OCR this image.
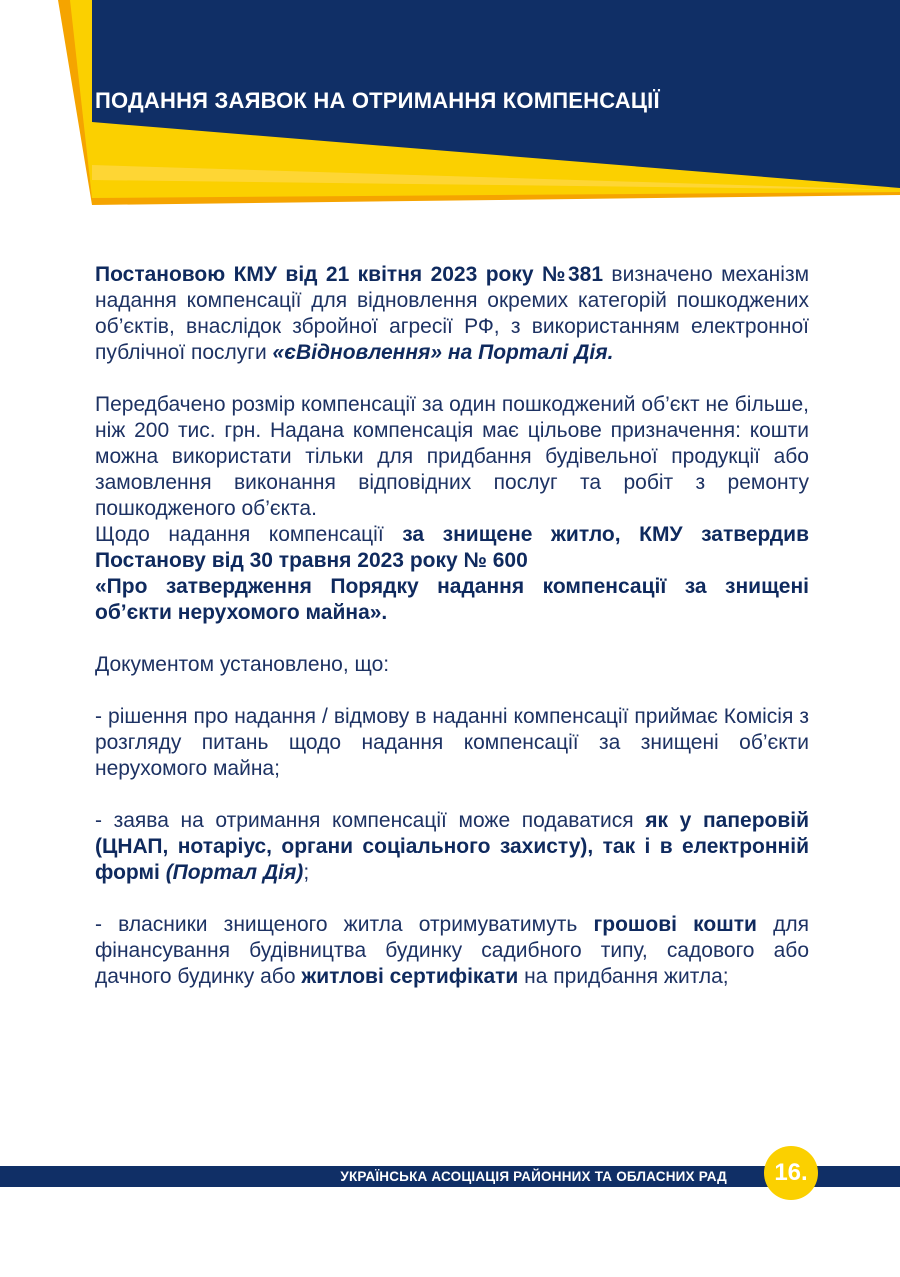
ПОДАННЯ ЗАЯВОК НА ОТРИМАННЯ КОМПЕНСАЦІЇ

Постановою КМУ від 21 квітня 2023 року №381 визначено механізм надання компенсації для відновлення окремих категорій пошкоджених об’єктів, внаслідок збройної агресії РФ, з використанням електронної публічної послуги «єВідновлення» на Порталі Дія.

Передбачено розмір компенсації за один пошкоджений об’єкт не більше, ніж 200 тис. грн. Надана компенсація має цільове призначення: кошти можна використати тільки для придбання будівельної продукції або замовлення виконання відповідних послуг та робіт з ремонту пошкодженого об’єкта.

Щодо надання компенсації за знищене житло, КМУ затвердив Постанову від 30 травня 2023 року № 600
«Про затвердження Порядку надання компенсації за знищені об’єкти нерухомого майна».

Документом установлено, що:

- рішення про надання / відмову в наданні компенсації приймає Комісія з розгляду питань щодо надання компенсації за знищені об’єкти нерухомого майна;

- заява на отримання компенсації може подаватися як у паперовій (ЦНАП, нотаріус, органи соціального захисту), так і в електронній формі (Портал Дія);

- власники знищеного житла отримуватимуть грошові кошти для фінансування будівництва будинку садибного типу, садового або дачного будинку або житлові сертифікати на придбання житла;

УКРАЇНСЬКА АСОЦІАЦІЯ РАЙОННИХ ТА ОБЛАСНИХ РАД	16.
